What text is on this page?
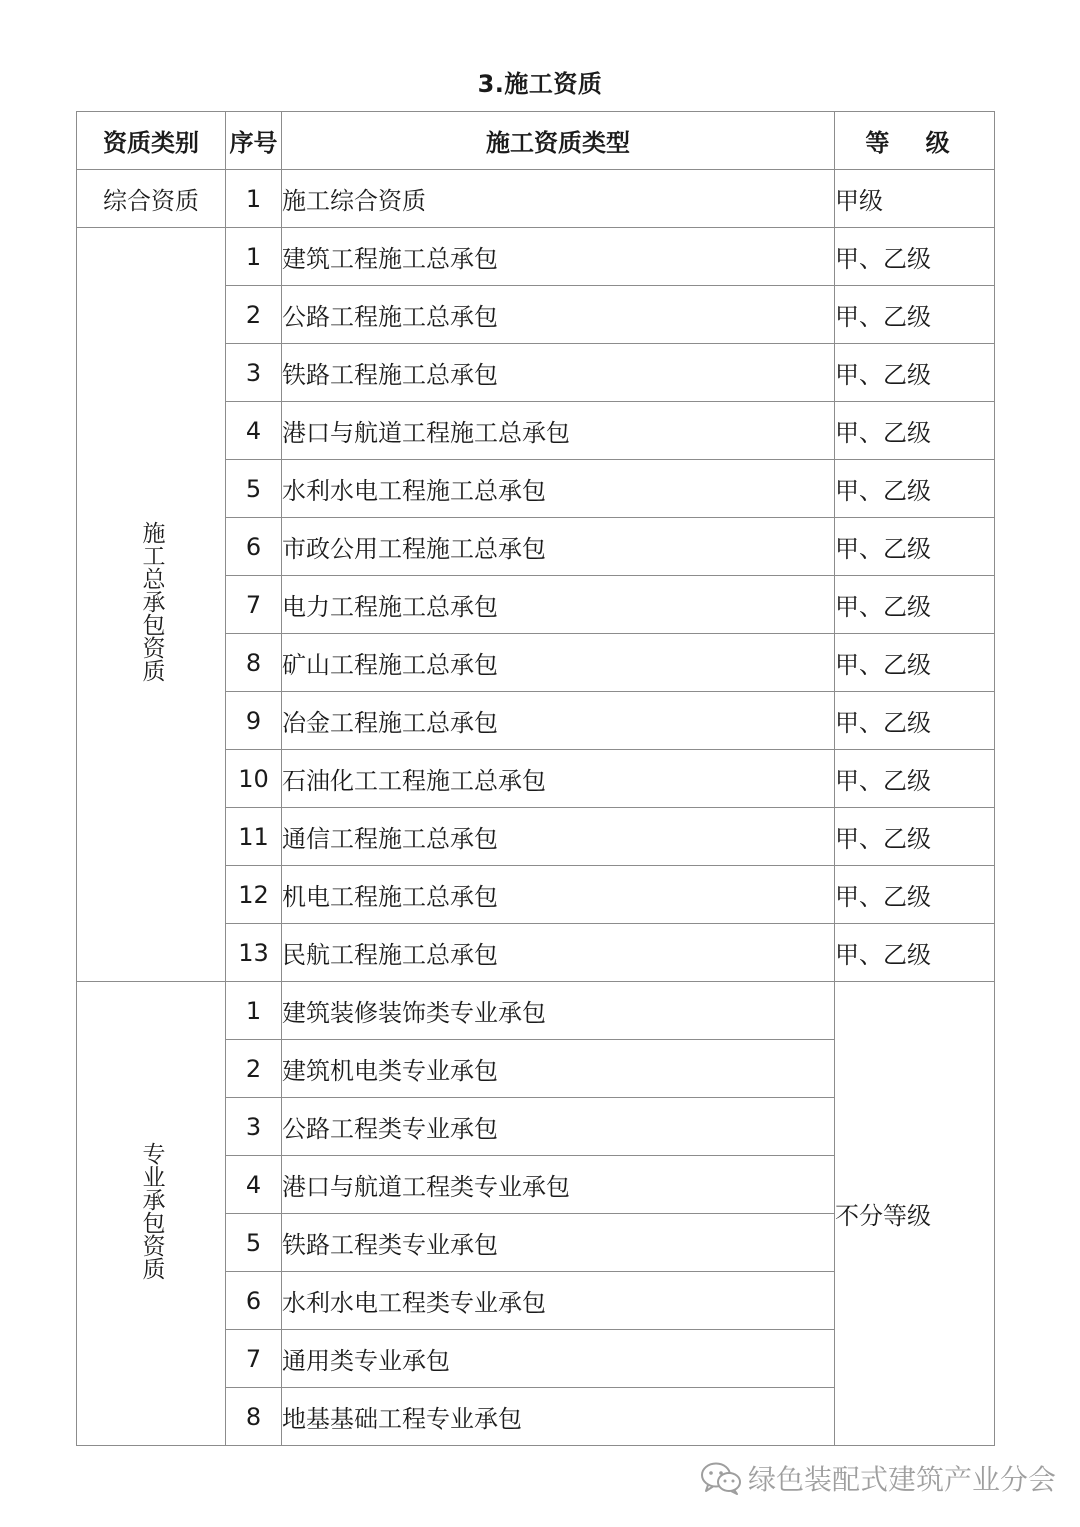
3.施工资质
资质类别	序号	施工资质类型	等 级
综合资质	1	施工综合资质	甲级
施工总承包资质	1	建筑工程施工总承包	甲、乙级
	2	公路工程施工总承包	甲、乙级
	3	铁路工程施工总承包	甲、乙级
	4	港口与航道工程施工总承包	甲、乙级
	5	水利水电工程施工总承包	甲、乙级
	6	市政公用工程施工总承包	甲、乙级
	7	电力工程施工总承包	甲、乙级
	8	矿山工程施工总承包	甲、乙级
	9	冶金工程施工总承包	甲、乙级
	10	石油化工工程施工总承包	甲、乙级
	11	通信工程施工总承包	甲、乙级
	12	机电工程施工总承包	甲、乙级
	13	民航工程施工总承包	甲、乙级
专业承包资质	1	建筑装修装饰类专业承包	不分等级
	2	建筑机电类专业承包	
	3	公路工程类专业承包	
	4	港口与航道工程类专业承包	
	5	铁路工程类专业承包	
	6	水利水电工程类专业承包	
	7	通用类专业承包	
	8	地基基础工程专业承包	
绿色装配式建筑产业分会
